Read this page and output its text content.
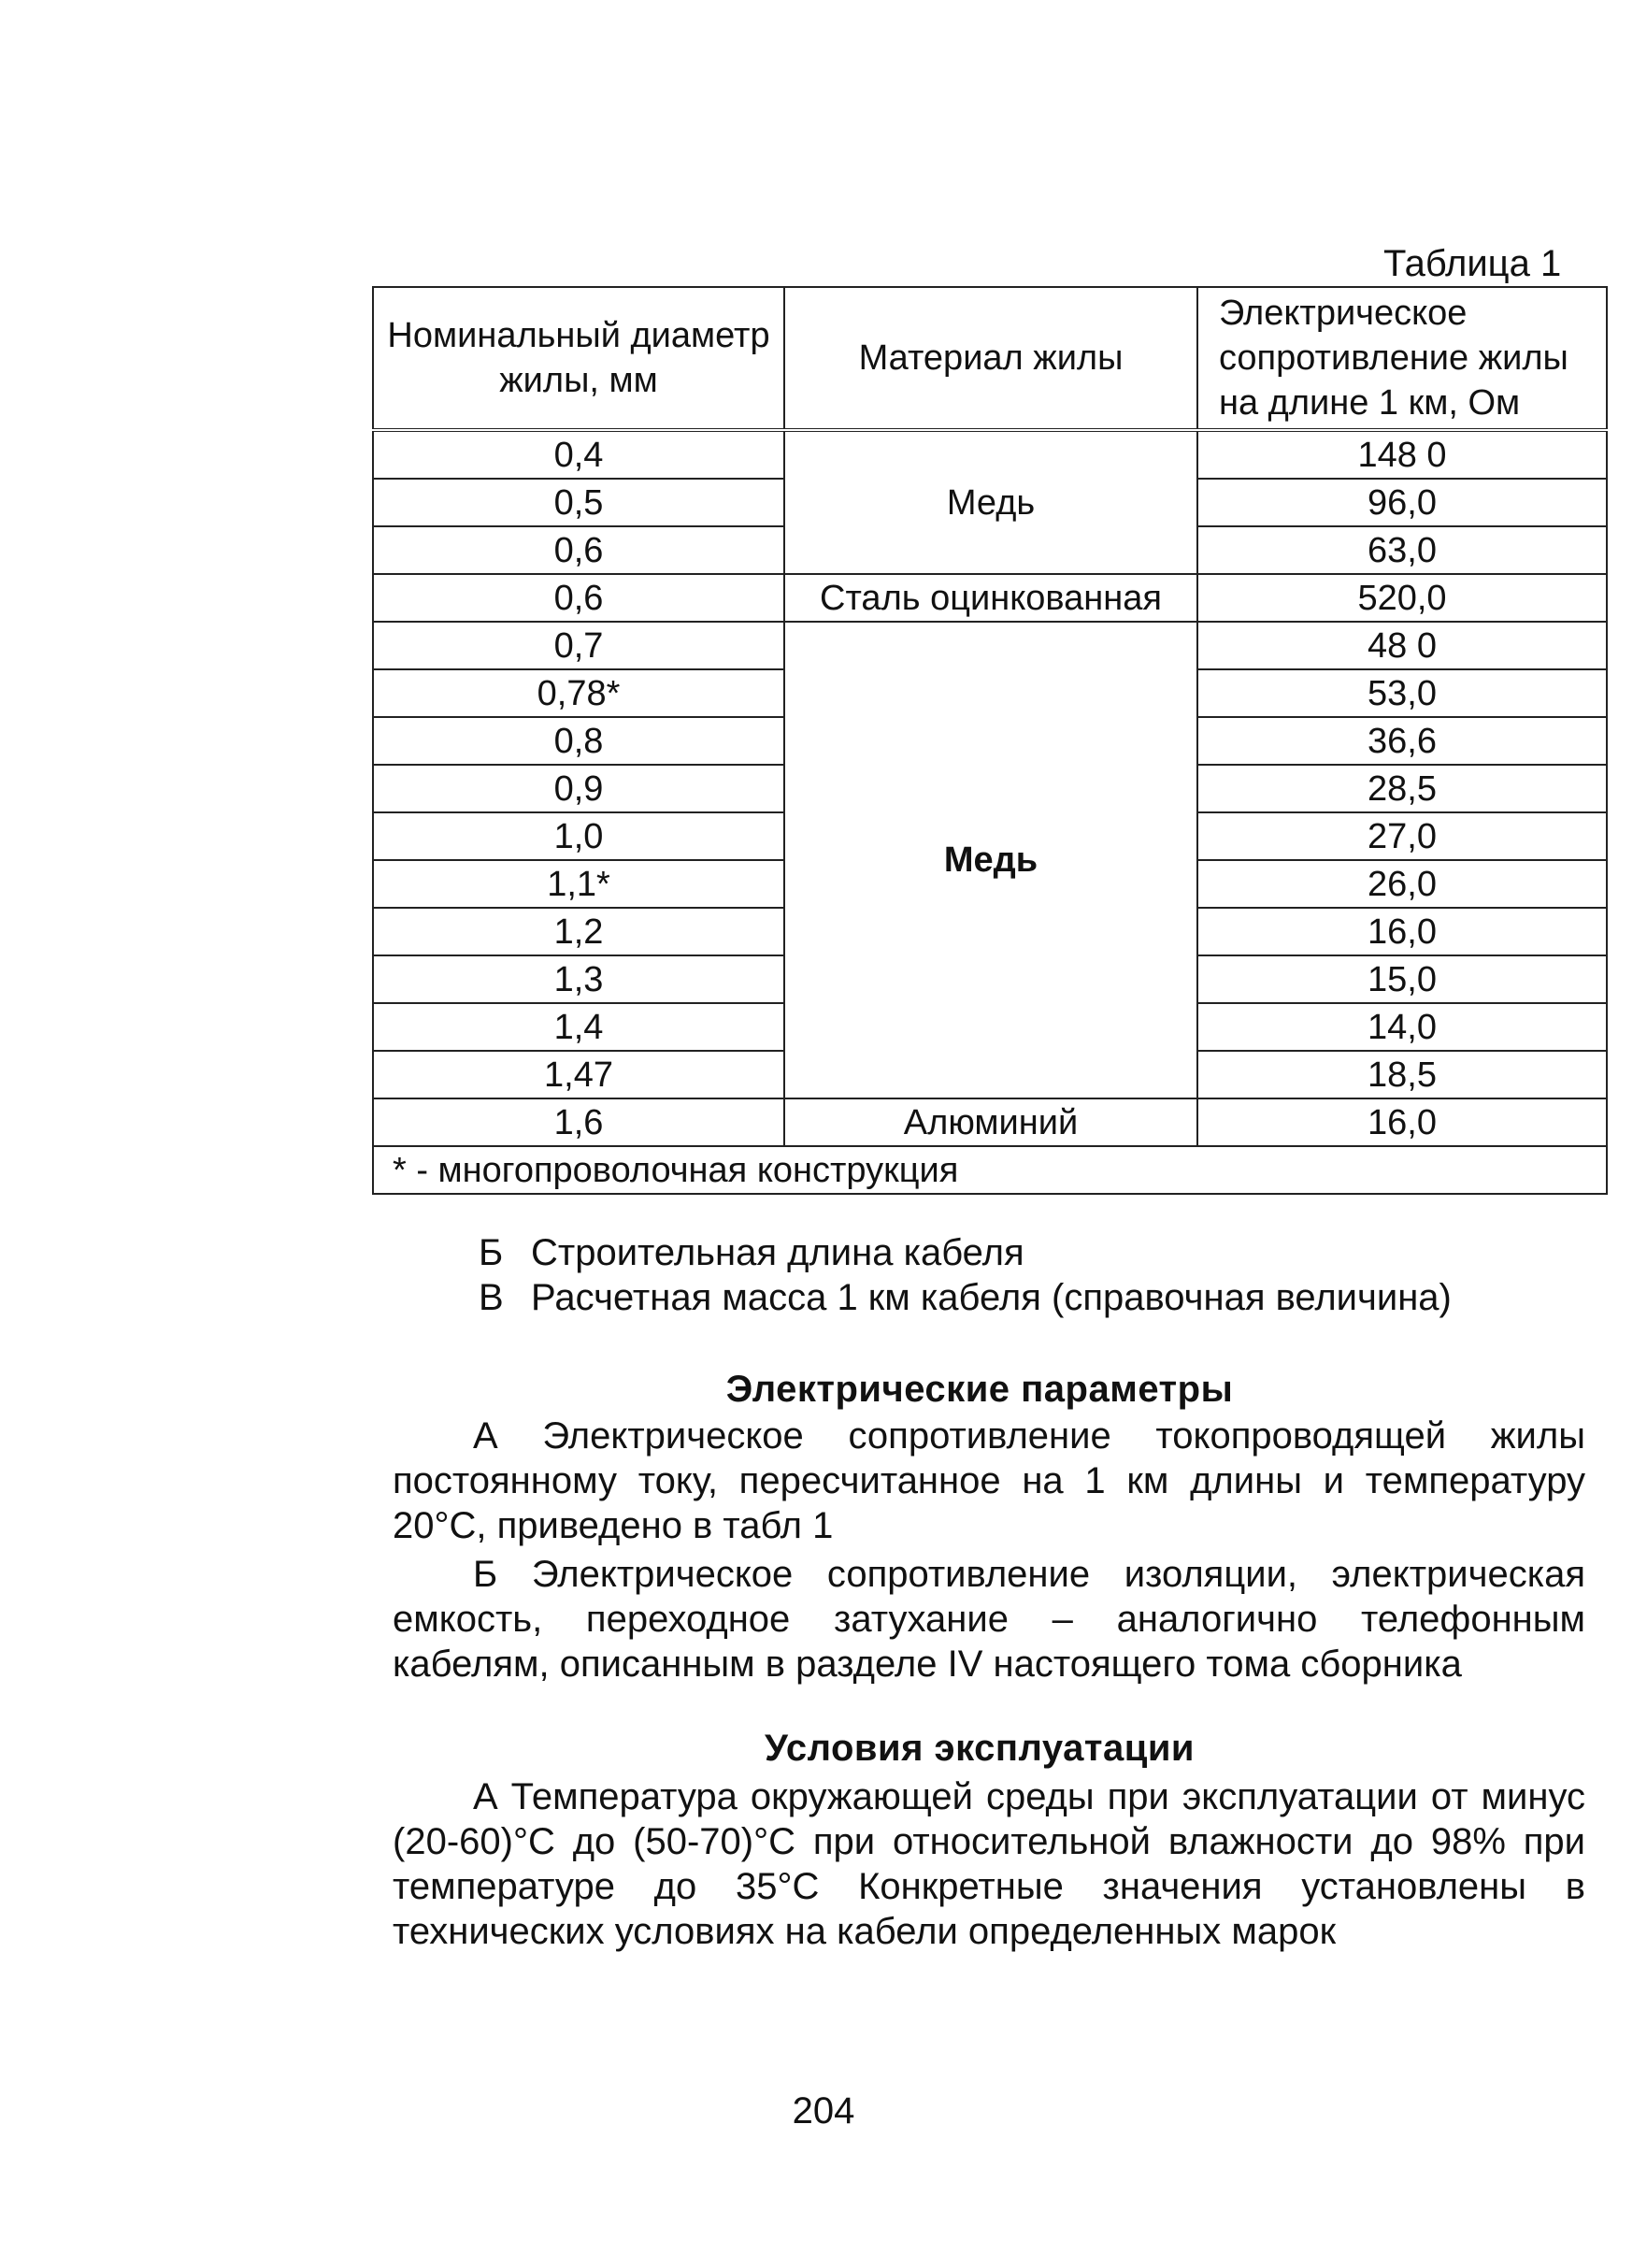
Таблица 1
Номинальный диаметр жилы, мм	Материал жилы	Электрическое сопротивление жилы на длине 1 км, Ом
0,4	Медь	148 0
0,5		96,0
0,6		63,0
0,6	Сталь оцинкованная	520,0
0,7	Медь	48 0
0,78*		53,0
0,8		36,6
0,9		28,5
1,0		27,0
1,1*		26,0
1,2		16,0
1,3		15,0
1,4		14,0
1,47		18,5
1,6	Алюминий	16,0
* - многопроволочная конструкция		
Б Строительная длина кабеля
В Расчетная масса 1 км кабеля (справочная величина)
Электрические параметры
А Электрическое сопротивление токопроводящей жилы постоянному току, пересчитанное на 1 км длины и температуру 20°С, приведено в табл 1
Б Электрическое сопротивление изоляции, электрическая емкость, переходное затухание – аналогично телефонным кабелям, описанным в разделе IV настоящего тома сборника
Условия эксплуатации
А Температура окружающей среды при эксплуатации от минус (20-60)°С до (50-70)°С при относительной влажности до 98% при температуре до 35°С Конкретные значения установлены в технических условиях на кабели определенных марок
204
